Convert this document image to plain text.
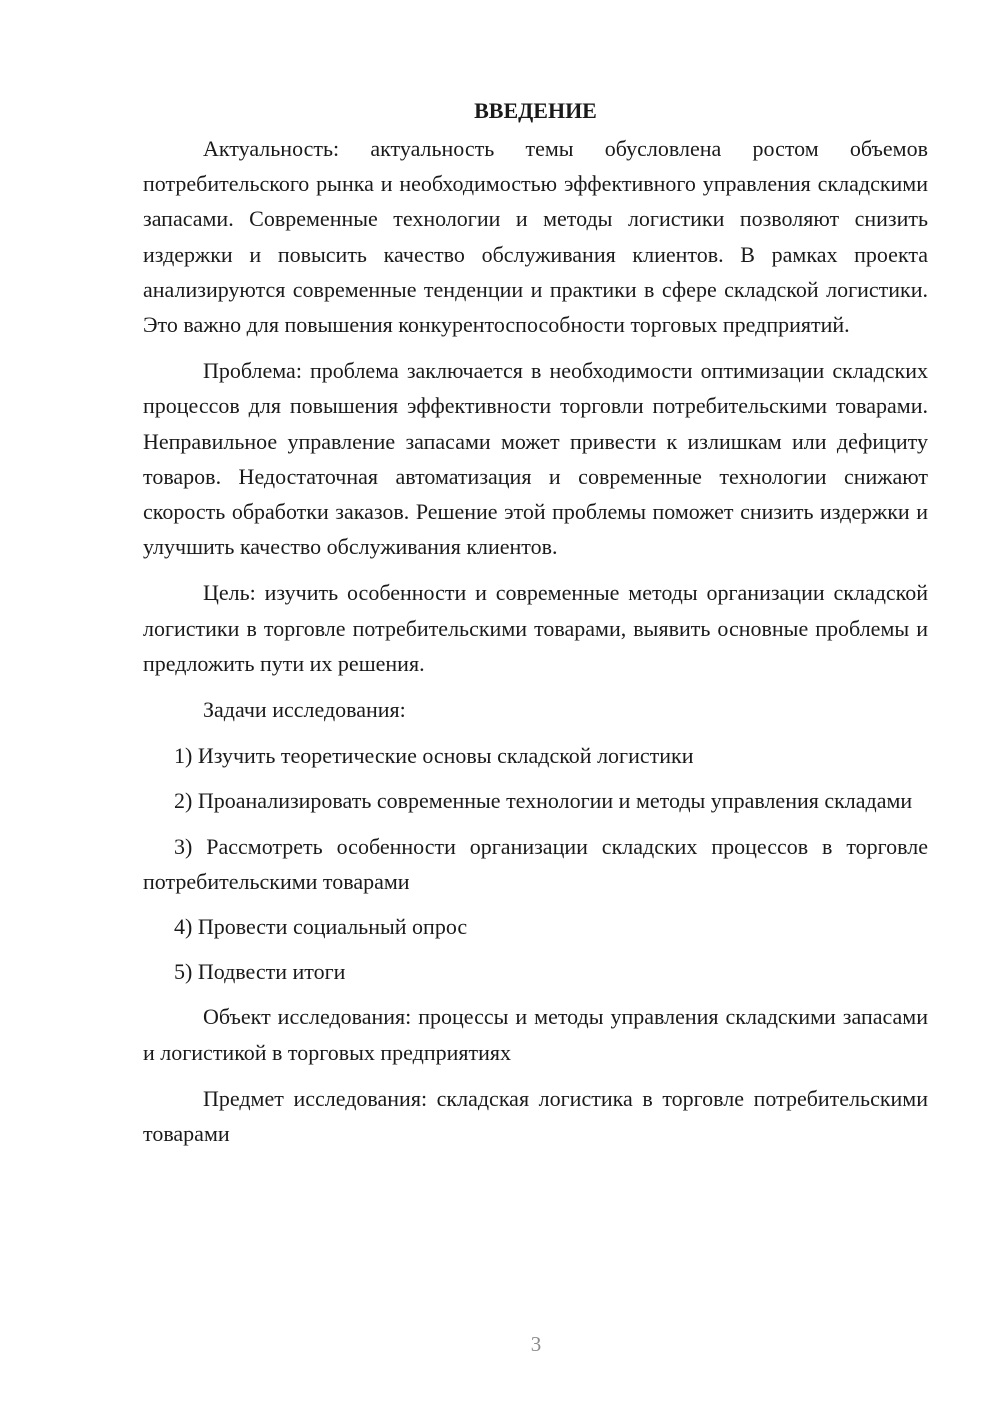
ВВЕДЕНИЕ

Актуальность: актуальность темы обусловлена ростом объемов потребительского рынка и необходимостью эффективного управления складскими запасами. Современные технологии и методы логистики позволяют снизить издержки и повысить качество обслуживания клиентов. В рамках проекта анализируются современные тенденции и практики в сфере складской логистики. Это важно для повышения конкурентоспособности торговых предприятий.

Проблема: проблема заключается в необходимости оптимизации складских процессов для повышения эффективности торговли потребительскими товарами. Неправильное управление запасами может привести к излишкам или дефициту товаров. Недостаточная автоматизация и современные технологии снижают скорость обработки заказов. Решение этой проблемы поможет снизить издержки и улучшить качество обслуживания клиентов.

Цель: изучить особенности и современные методы организации складской логистики в торговле потребительскими товарами, выявить основные проблемы и предложить пути их решения.

Задачи исследования:

1) Изучить теоретические основы складской логистики

2) Проанализировать современные технологии и методы управления складами

3) Рассмотреть особенности организации складских процессов в торговле потребительскими товарами

4) Провести социальный опрос

5) Подвести итоги

Объект исследования: процессы и методы управления складскими запасами и логистикой в торговых предприятиях

Предмет исследования: складская логистика в торговле потребительскими товарами

3
